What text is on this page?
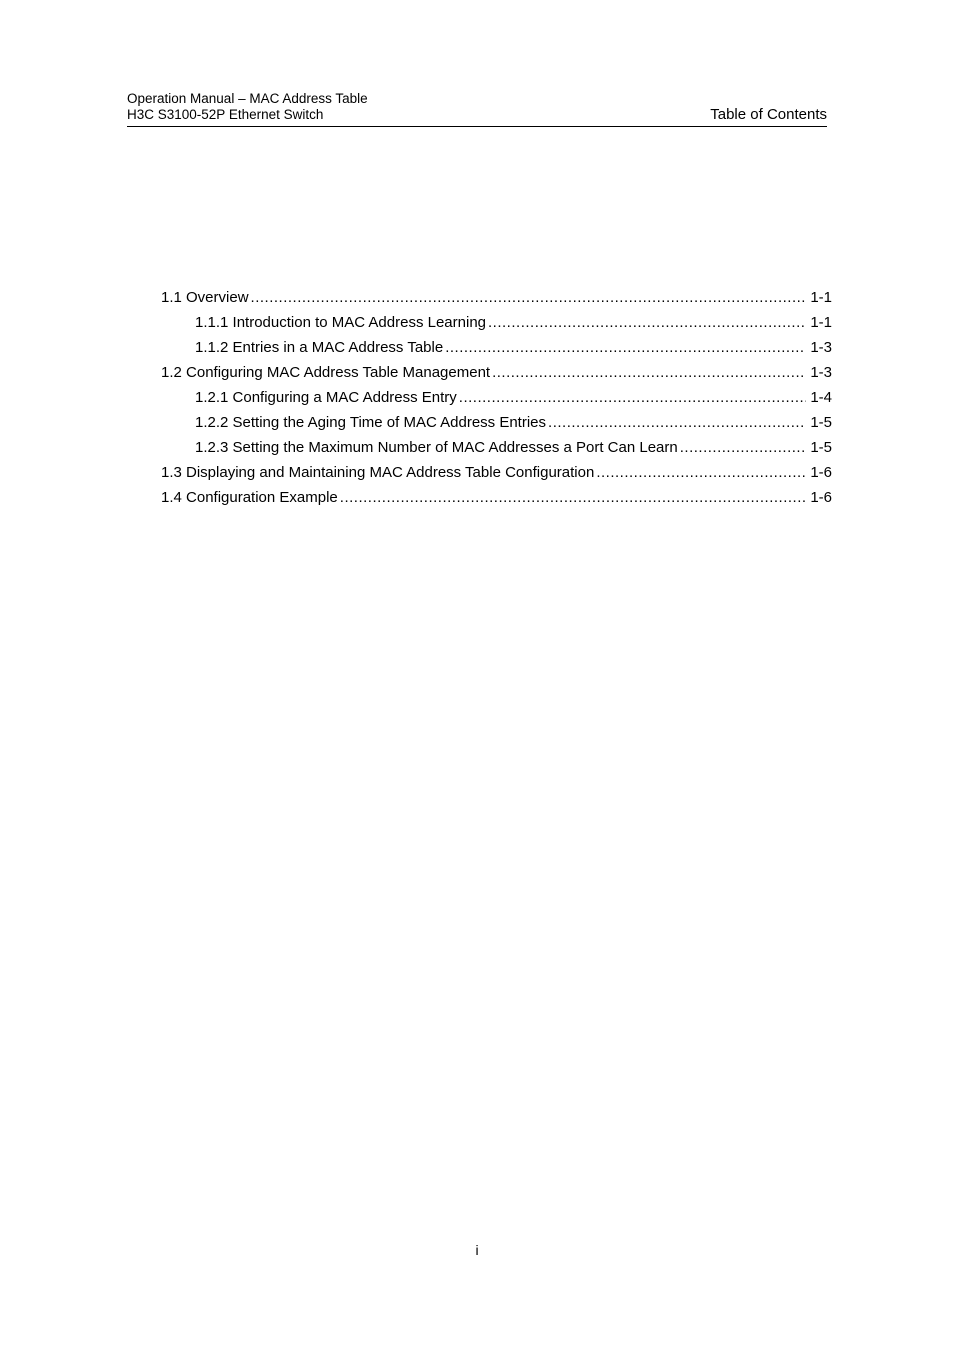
Operation Manual – MAC Address Table
H3C S3100-52P Ethernet Switch	Table of Contents
1.1 Overview .....	1-1
1.1.1 Introduction to MAC Address Learning .....	1-1
1.1.2 Entries in a MAC Address Table .....	1-3
1.2 Configuring MAC Address Table Management .....	1-3
1.2.1 Configuring a MAC Address Entry .....	1-4
1.2.2 Setting the Aging Time of MAC Address Entries .....	1-5
1.2.3 Setting the Maximum Number of MAC Addresses a Port Can Learn .....	1-5
1.3 Displaying and Maintaining MAC Address Table Configuration .....	1-6
1.4 Configuration Example .....	1-6
i
